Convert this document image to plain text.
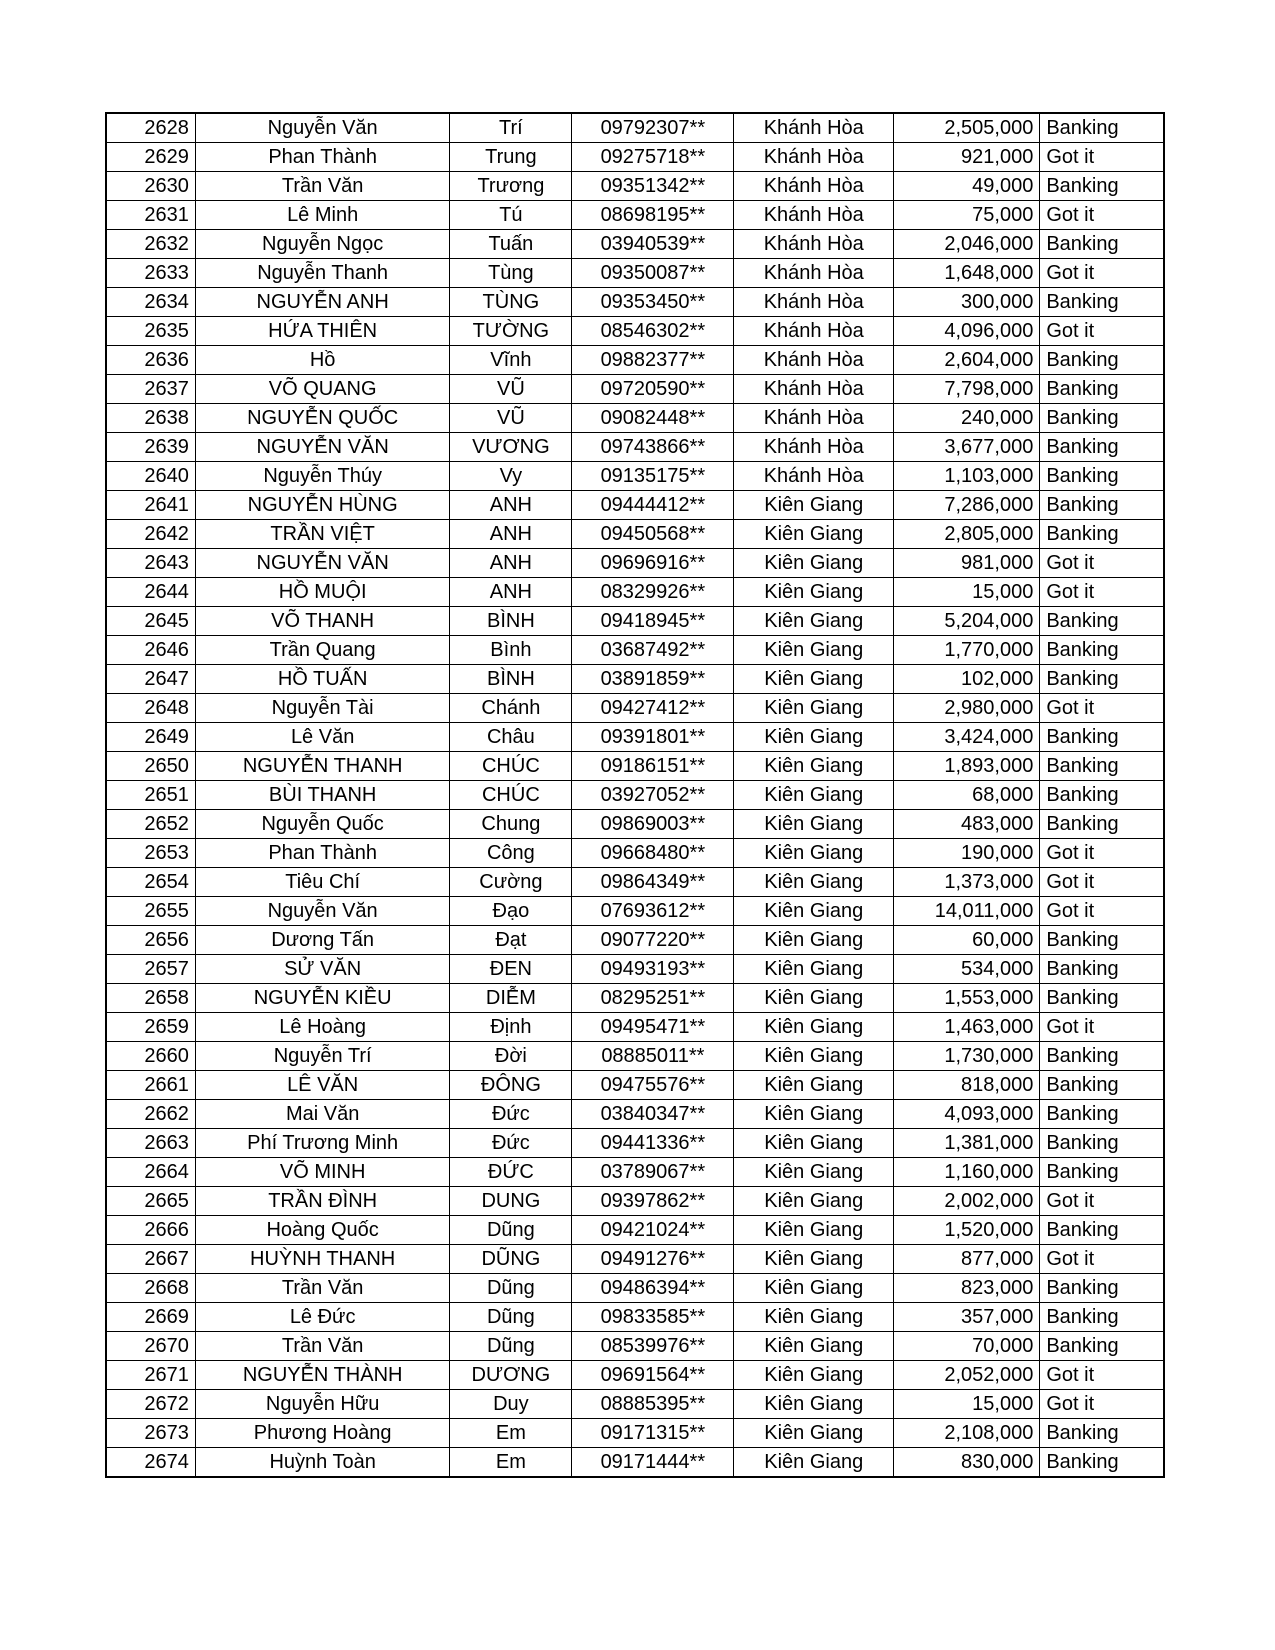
2628	Nguyễn Văn	Trí	09792307**	Khánh Hòa	2,505,000	Banking
2629	Phan Thành	Trung	09275718**	Khánh Hòa	921,000	Got it
2630	Trần Văn	Trương	09351342**	Khánh Hòa	49,000	Banking
2631	Lê Minh	Tú	08698195**	Khánh Hòa	75,000	Got it
2632	Nguyễn Ngọc	Tuấn	03940539**	Khánh Hòa	2,046,000	Banking
2633	Nguyễn Thanh	Tùng	09350087**	Khánh Hòa	1,648,000	Got it
2634	NGUYỄN ANH	TÙNG	09353450**	Khánh Hòa	300,000	Banking
2635	HỨA THIÊN	TƯỜNG	08546302**	Khánh Hòa	4,096,000	Got it
2636	Hồ	Vĩnh	09882377**	Khánh Hòa	2,604,000	Banking
2637	VÕ QUANG	VŨ	09720590**	Khánh Hòa	7,798,000	Banking
2638	NGUYỄN QUỐC	VŨ	09082448**	Khánh Hòa	240,000	Banking
2639	NGUYỄN VĂN	VƯƠNG	09743866**	Khánh Hòa	3,677,000	Banking
2640	Nguyễn Thúy	Vy	09135175**	Khánh Hòa	1,103,000	Banking
2641	NGUYỄN HÙNG	ANH	09444412**	Kiên Giang	7,286,000	Banking
2642	TRẦN VIỆT	ANH	09450568**	Kiên Giang	2,805,000	Banking
2643	NGUYỄN VĂN	ANH	09696916**	Kiên Giang	981,000	Got it
2644	HỒ MUỘI	ANH	08329926**	Kiên Giang	15,000	Got it
2645	VÕ THANH	BÌNH	09418945**	Kiên Giang	5,204,000	Banking
2646	Trần Quang	Bình	03687492**	Kiên Giang	1,770,000	Banking
2647	HỒ TUẤN	BÌNH	03891859**	Kiên Giang	102,000	Banking
2648	Nguyễn Tài	Chánh	09427412**	Kiên Giang	2,980,000	Got it
2649	Lê Văn	Châu	09391801**	Kiên Giang	3,424,000	Banking
2650	NGUYỄN THANH	CHÚC	09186151**	Kiên Giang	1,893,000	Banking
2651	BÙI THANH	CHÚC	03927052**	Kiên Giang	68,000	Banking
2652	Nguyễn Quốc	Chung	09869003**	Kiên Giang	483,000	Banking
2653	Phan Thành	Công	09668480**	Kiên Giang	190,000	Got it
2654	Tiêu Chí	Cường	09864349**	Kiên Giang	1,373,000	Got it
2655	Nguyễn Văn	Đạo	07693612**	Kiên Giang	14,011,000	Got it
2656	Dương Tấn	Đạt	09077220**	Kiên Giang	60,000	Banking
2657	SỬ VĂN	ĐEN	09493193**	Kiên Giang	534,000	Banking
2658	NGUYỄN KIỀU	DIỄM	08295251**	Kiên Giang	1,553,000	Banking
2659	Lê Hoàng	Định	09495471**	Kiên Giang	1,463,000	Got it
2660	Nguyễn Trí	Đời	08885011**	Kiên Giang	1,730,000	Banking
2661	LÊ VĂN	ĐÔNG	09475576**	Kiên Giang	818,000	Banking
2662	Mai Văn	Đức	03840347**	Kiên Giang	4,093,000	Banking
2663	Phí Trương Minh	Đức	09441336**	Kiên Giang	1,381,000	Banking
2664	VÕ MINH	ĐỨC	03789067**	Kiên Giang	1,160,000	Banking
2665	TRẦN ĐÌNH	DUNG	09397862**	Kiên Giang	2,002,000	Got it
2666	Hoàng Quốc	Dũng	09421024**	Kiên Giang	1,520,000	Banking
2667	HUỲNH THANH	DŨNG	09491276**	Kiên Giang	877,000	Got it
2668	Trần Văn	Dũng	09486394**	Kiên Giang	823,000	Banking
2669	Lê Đức	Dũng	09833585**	Kiên Giang	357,000	Banking
2670	Trần Văn	Dũng	08539976**	Kiên Giang	70,000	Banking
2671	NGUYỄN THÀNH	DƯƠNG	09691564**	Kiên Giang	2,052,000	Got it
2672	Nguyễn Hữu	Duy	08885395**	Kiên Giang	15,000	Got it
2673	Phương Hoàng	Em	09171315**	Kiên Giang	2,108,000	Banking
2674	Huỳnh Toàn	Em	09171444**	Kiên Giang	830,000	Banking
